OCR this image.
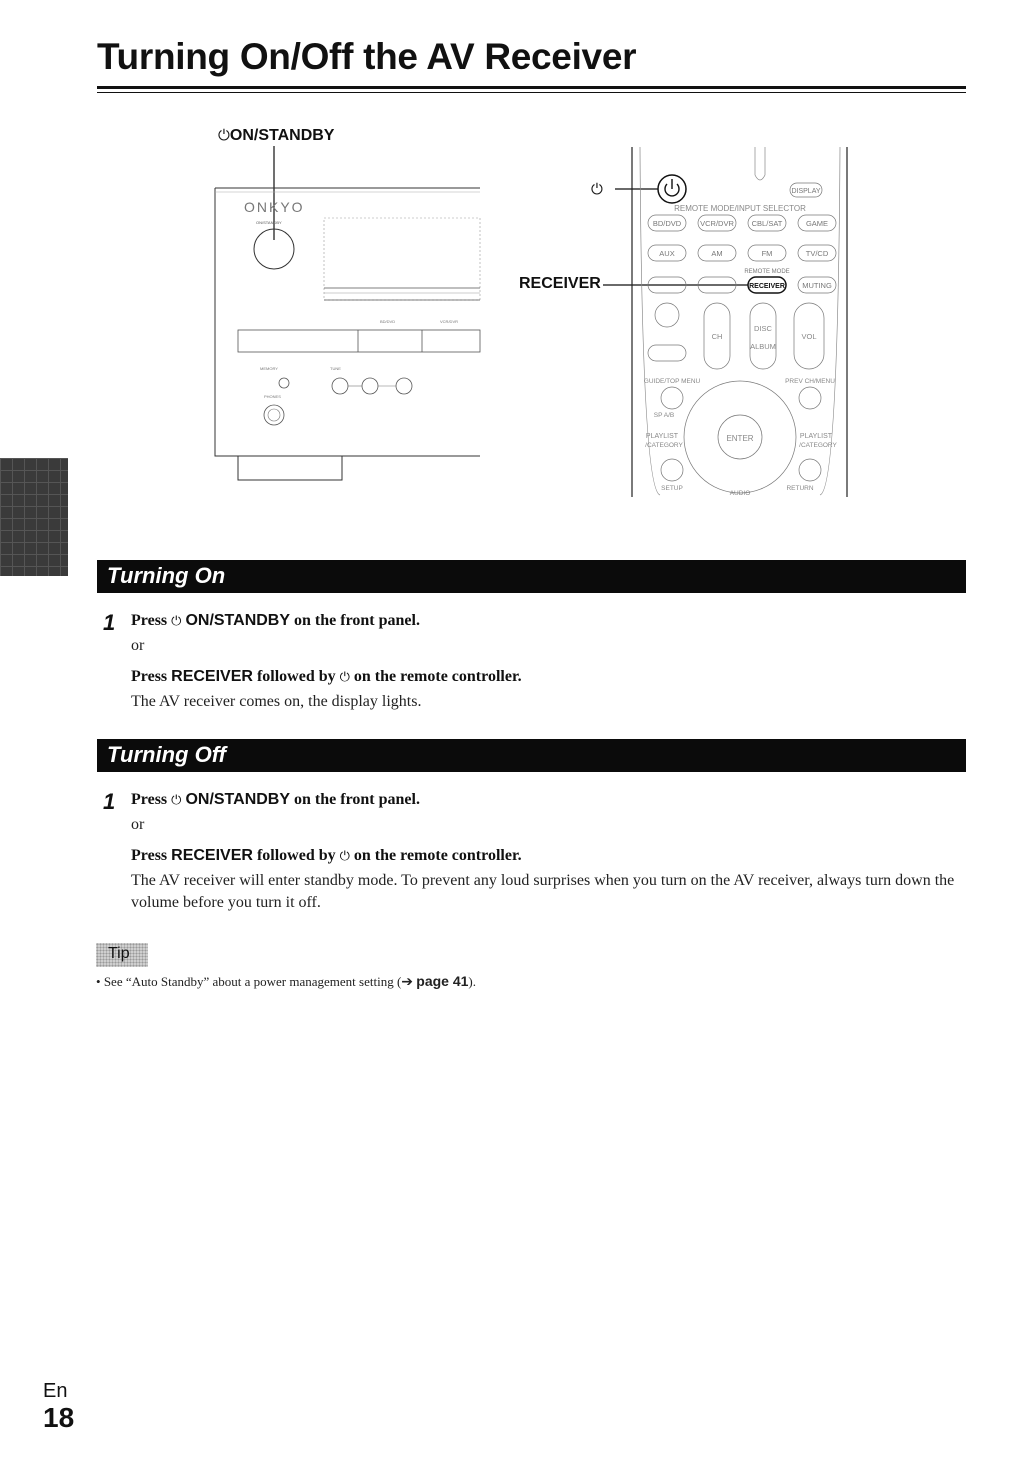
Turning On/Off the AV Receiver
⏻ON/STANDBY
ONKYO
ON/STANDBY
BD/DVD	VCR/DVR
MEMORY	TUNE
PHONES
⏻
RECEIVER
DISPLAY
REMOTE MODE/INPUT SELECTOR
BD/DVD	VCR/DVR CBL/SAT	GAME
AUX	AM	FM	TV/CD
REMOTE MODE
MUTING
RECEIVER
CH
DISC
ALBUM
VOL
GUIDE/TOP MENU	PREV CH/MENU
SP A/B
PLAYLIST
/CATEGORY
PLAYLIST
/CATEGORY
ENTER
SETUP
AUDIO
RETURN
Turning On
1 Press ⏻ ON/STANDBY on the front panel.
or
Press RECEIVER followed by ⏻ on the remote controller.
The AV receiver comes on, the display lights.
Turning Off
1 Press ⏻ ON/STANDBY on the front panel.
or
Press RECEIVER followed by ⏻ on the remote controller.
The AV receiver will enter standby mode. To prevent any loud surprises when you turn on the AV receiver, always turn down the volume before you turn it off.
Tip
• See “Auto Standby” about a power management setting (➔ page 41).
En
18
